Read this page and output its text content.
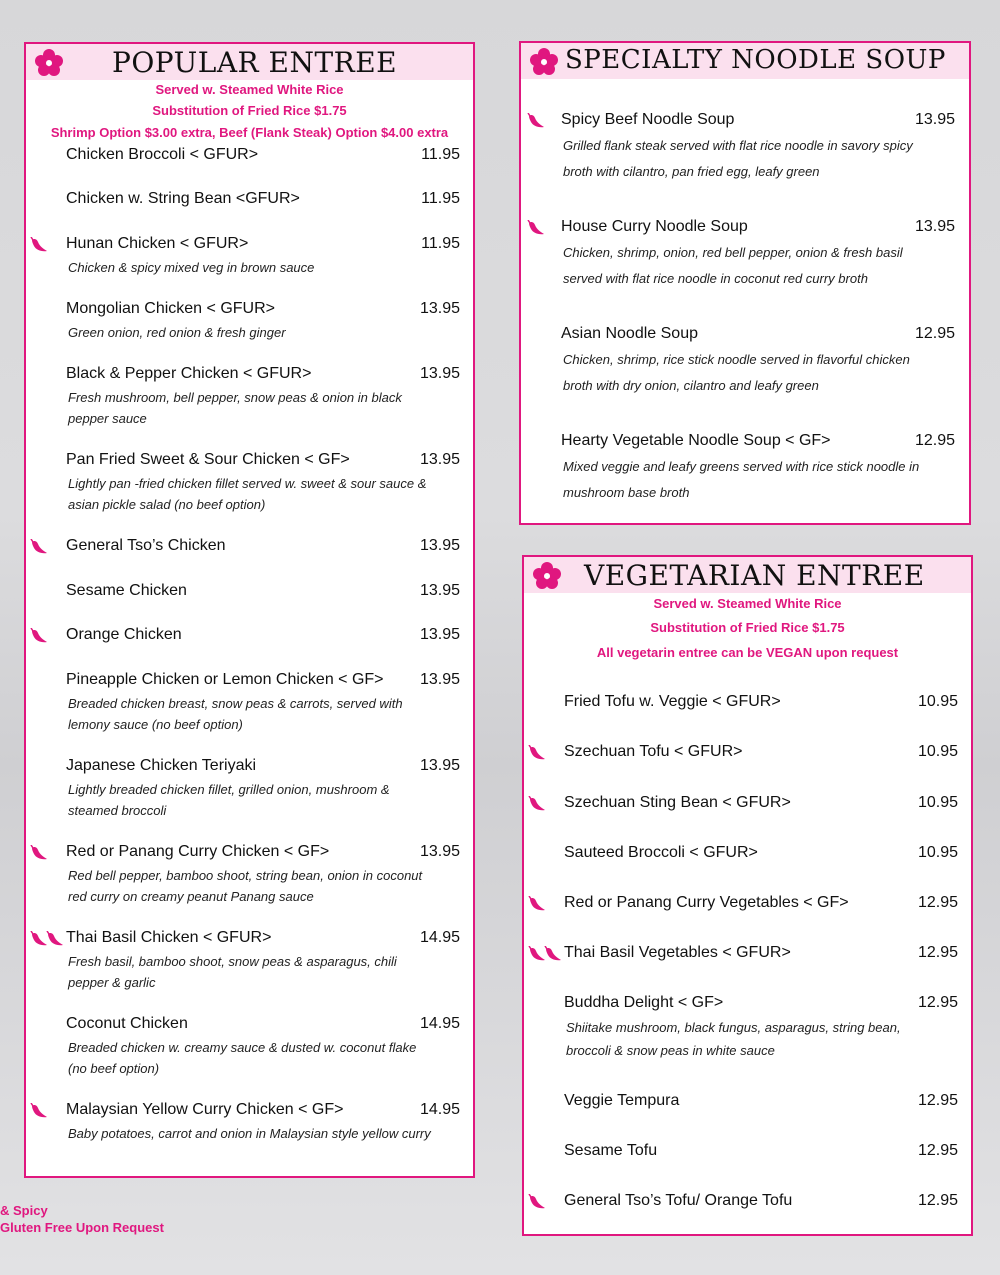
POPULAR ENTREE
Served w. Steamed White Rice
Substitution of Fried Rice $1.75
Shrimp Option $3.00 extra, Beef (Flank Steak) Option $4.00 extra
Chicken Broccoli < GFUR>	11.95
Chicken w. String Bean <GFUR>	11.95
Hunan Chicken < GFUR>	11.95
Chicken & spicy mixed veg in brown sauce
Mongolian Chicken < GFUR>	13.95
Green onion, red onion & fresh ginger
Black & Pepper Chicken < GFUR>	13.95
Fresh mushroom, bell pepper, snow peas & onion in black pepper sauce
Pan Fried Sweet & Sour Chicken < GF>	13.95
Lightly pan -fried chicken fillet served w. sweet & sour sauce & asian pickle salad (no beef option)
General Tso’s Chicken	13.95
Sesame Chicken	13.95
Orange Chicken	13.95
Pineapple Chicken or Lemon Chicken < GF> 13.95
Breaded chicken breast, snow peas & carrots, served with lemony sauce (no beef option)
Japanese Chicken Teriyaki	13.95
Lightly breaded chicken fillet, grilled onion, mushroom & steamed broccoli
Red or Panang Curry Chicken < GF>	13.95
Red bell pepper, bamboo shoot, string bean, onion in coconut red curry on creamy peanut Panang sauce
Thai Basil Chicken < GFUR>	14.95
Fresh basil, bamboo shoot, snow peas & asparagus, chili pepper & garlic
Coconut Chicken	14.95
Breaded chicken w. creamy sauce & dusted w. coconut flake (no beef option)
Malaysian Yellow Curry Chicken < GF>	14.95
Baby potatoes, carrot and onion in Malaysian style yellow curry
SPECIALTY NOODLE SOUP
Spicy Beef Noodle Soup	13.95
Grilled flank steak served with flat rice noodle in savory spicy broth with cilantro, pan fried egg, leafy green
House Curry Noodle Soup	13.95
Chicken, shrimp, onion, red bell pepper, onion & fresh basil served with flat rice noodle in coconut red curry broth
Asian Noodle Soup	12.95
Chicken, shrimp, rice stick noodle served in flavorful chicken broth with dry onion, cilantro and leafy green
Hearty Vegetable Noodle Soup < GF>	12.95
Mixed veggie and leafy greens served with rice stick noodle in mushroom base broth
VEGETARIAN ENTREE
Served w. Steamed White Rice
Substitution of Fried Rice $1.75
All vegetarin entree can be VEGAN upon request
Fried Tofu w. Veggie < GFUR>	10.95
Szechuan Tofu < GFUR>	10.95
Szechuan Sting Bean < GFUR>	10.95
Sauteed Broccoli < GFUR>	10.95
Red or Panang Curry Vegetables < GF>	12.95
Thai Basil Vegetables < GFUR>	12.95
Buddha Delight < GF>	12.95
Shiitake mushroom, black fungus, asparagus, string bean, broccoli & snow peas in white sauce
Veggie Tempura	12.95
Sesame Tofu	12.95
General Tso’s Tofu/ Orange Tofu	12.95
& Spicy
Gluten Free Upon Request
